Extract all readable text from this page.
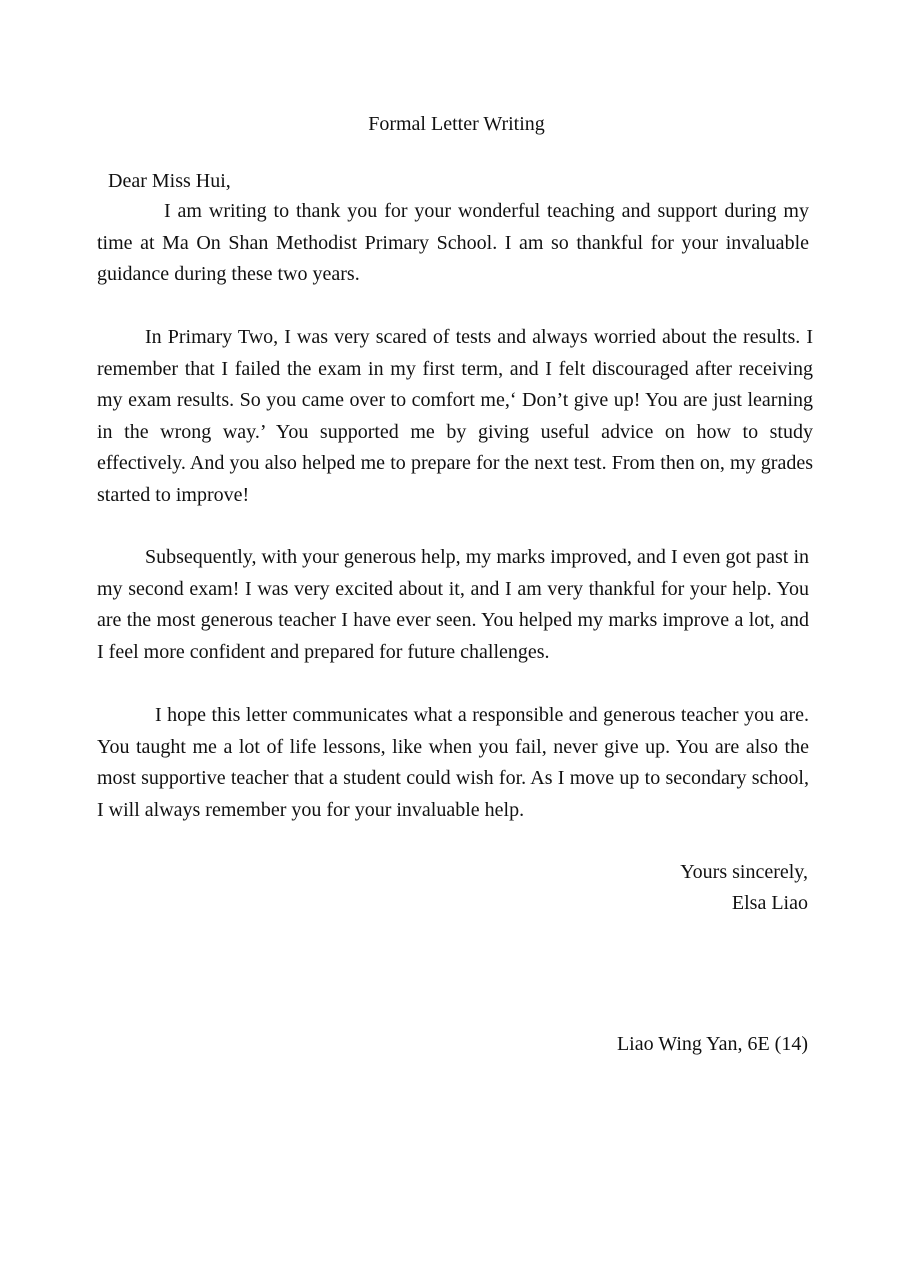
Formal Letter Writing
Dear Miss Hui,

I am writing to thank you for your wonderful teaching and support during my time at Ma On Shan Methodist Primary School. I am so thankful for your invaluable guidance during these two years.

In Primary Two, I was very scared of tests and always worried about the results. I remember that I failed the exam in my first term, and I felt discouraged after receiving my exam results. So you came over to comfort me,‘ Don’t give up! You are just learning in the wrong way.’ You supported me by giving useful advice on how to study effectively. And you also helped me to prepare for the next test. From then on, my grades started to improve!

Subsequently, with your generous help, my marks improved, and I even got past in my second exam! I was very excited about it, and I am very thankful for your help. You are the most generous teacher I have ever seen. You helped my marks improve a lot, and I feel more confident and prepared for future challenges.

I hope this letter communicates what a responsible and generous teacher you are. You taught me a lot of life lessons, like when you fail, never give up. You are also the most supportive teacher that a student could wish for. As I move up to secondary school, I will always remember you for your invaluable help.

Yours sincerely,
Elsa Liao
Liao Wing Yan, 6E (14)
